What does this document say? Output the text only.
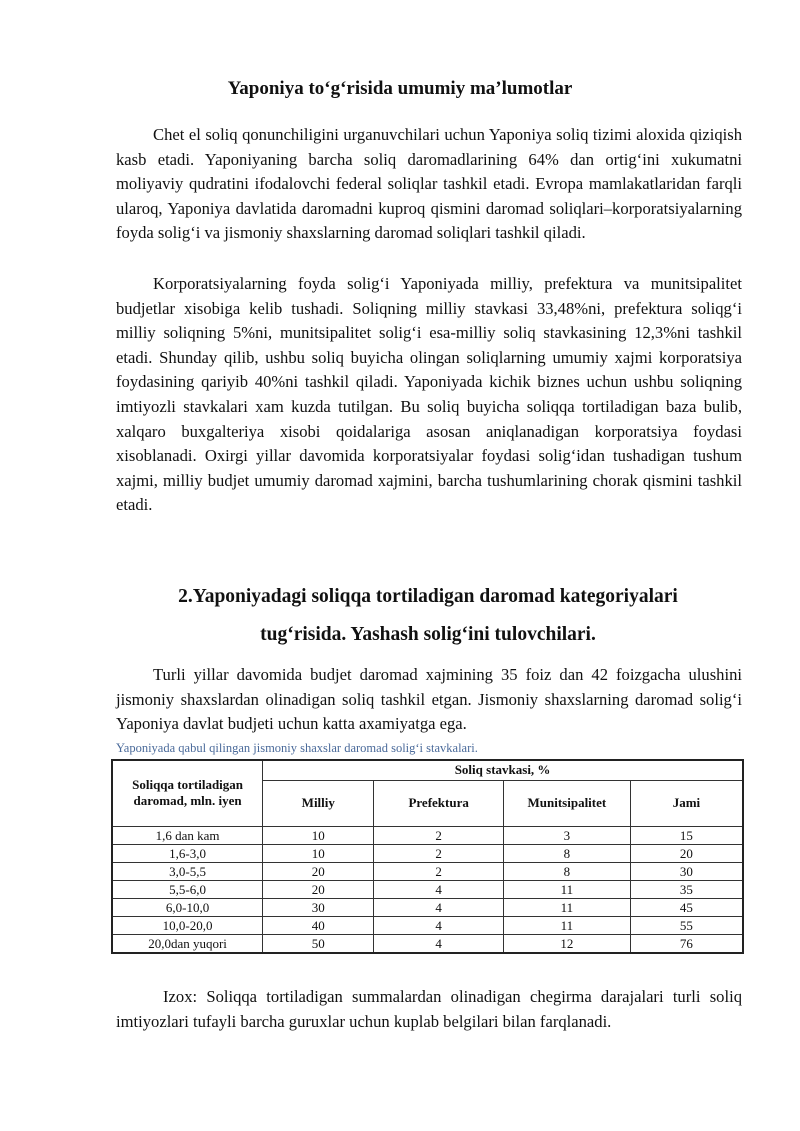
Yaponiya to‘g‘risida umumiy ma’lumotlar

Chet el soliq qonunchiligini urganuvchilari uchun Yaponiya soliq tizimi aloxida qiziqish kasb etadi. Yaponiyaning barcha soliq daromadlarining 64% dan ortig‘ini xukumatni moliyaviy qudratini ifodalovchi federal soliqlar tashkil etadi. Evropa mamlakatlaridan farqli ularoq, Yaponiya davlatida daromadni kuproq qismini daromad soliqlari–korporatsiyalarning foyda solig‘i va jismoniy shaxslarning daromad soliqlari tashkil qiladi.

Korporatsiyalarning foyda solig‘i Yaponiyada milliy, prefektura va munitsipalitet budjetlar xisobiga kelib tushadi. Soliqning milliy stavkasi 33,48%ni, prefektura soliqg‘i milliy soliqning 5%ni, munitsipalitet solig‘i esa-milliy soliq stavkasining 12,3%ni tashkil etadi. Shunday qilib, ushbu soliq buyicha olingan soliqlarning umumiy xajmi korporatsiya foydasining qariyib 40%ni tashkil qiladi. Yaponiyada kichik biznes uchun ushbu soliqning imtiyozli stavkalari xam kuzda tutilgan. Bu soliq buyicha soliqqa tortiladigan baza bulib, xalqaro buxgalteriya xisobi qoidalariga asosan aniqlanadigan korporatsiya foydasi xisoblanadi. Oxirgi yillar davomida korporatsiyalar foydasi solig‘idan tushadigan tushum xajmi, milliy budjet umumiy daromad xajmini, barcha tushumlarining chorak qismini tashkil etadi.

2.Yaponiyadagi soliqqa tortiladigan daromad kategoriyalari
tug‘risida. Yashash solig‘ini tulovchilari.

Turli yillar davomida budjet daromad xajmining 35 foiz dan 42 foizgacha ulushini jismoniy shaxslardan olinadigan soliq tashkil etgan. Jismoniy shaxslarning daromad solig‘i Yaponiya davlat budjeti uchun katta axamiyatga ega.

Yaponiyada qabul qilingan jismoniy shaxslar daromad solig‘i stavkalari.
Soliqqa tortiladigan daromad, mln. iyen	Soliq stavkasi, %			
	Milliy	Prefektura	Munitsipalitet	Jami
1,6 dan kam	10	2	3	15
1,6-3,0	10	2	8	20
3,0-5,5	20	2	8	30
5,5-6,0	20	4	11	35
6,0-10,0	30	4	11	45
10,0-20,0	40	4	11	55
20,0dan yuqori	50	4	12	76

Izox: Soliqqa tortiladigan summalardan olinadigan chegirma darajalari turli soliq imtiyozlari tufayli barcha guruxlar uchun kuplab belgilari bilan farqlanadi.
